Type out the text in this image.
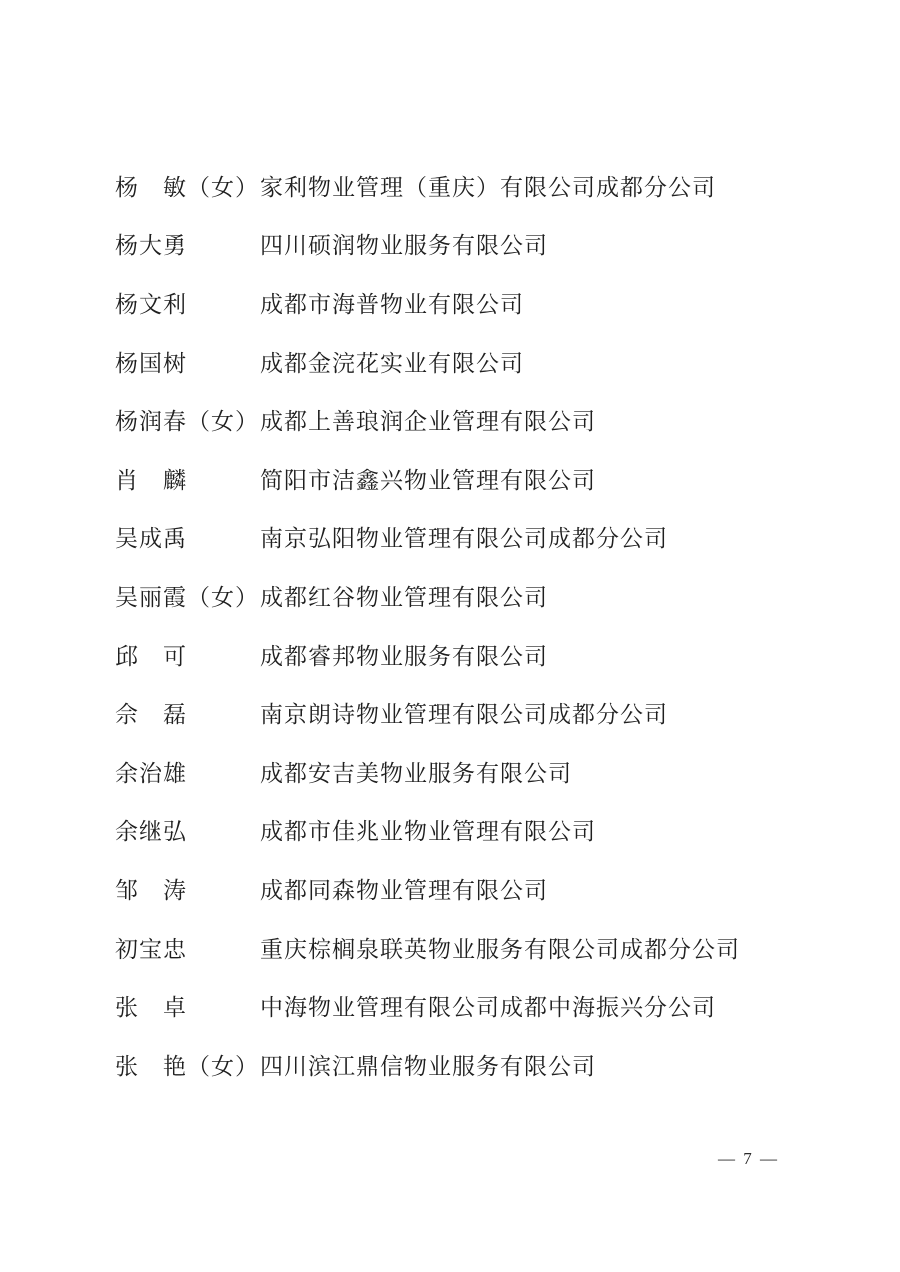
杨　敏 （女） 家利物业管理（重庆）有限公司成都分公司
杨大勇	四川硕润物业服务有限公司
杨文利	成都市海普物业有限公司
杨国树	成都金浣花实业有限公司
杨润春 （女） 成都上善琅润企业管理有限公司
肖　麟	简阳市洁鑫兴物业管理有限公司
吴成禹	南京弘阳物业管理有限公司成都分公司
吴丽霞 （女） 成都红谷物业管理有限公司
邱　可	成都睿邦物业服务有限公司
佘　磊	南京朗诗物业管理有限公司成都分公司
余治雄	成都安吉美物业服务有限公司
余继弘	成都市佳兆业物业管理有限公司
邹　涛	成都同森物业管理有限公司
初宝忠	重庆棕榈泉联英物业服务有限公司成都分公司
张　卓	中海物业管理有限公司成都中海振兴分公司
张　艳 （女） 四川滨江鼎信物业服务有限公司
— 7 —
